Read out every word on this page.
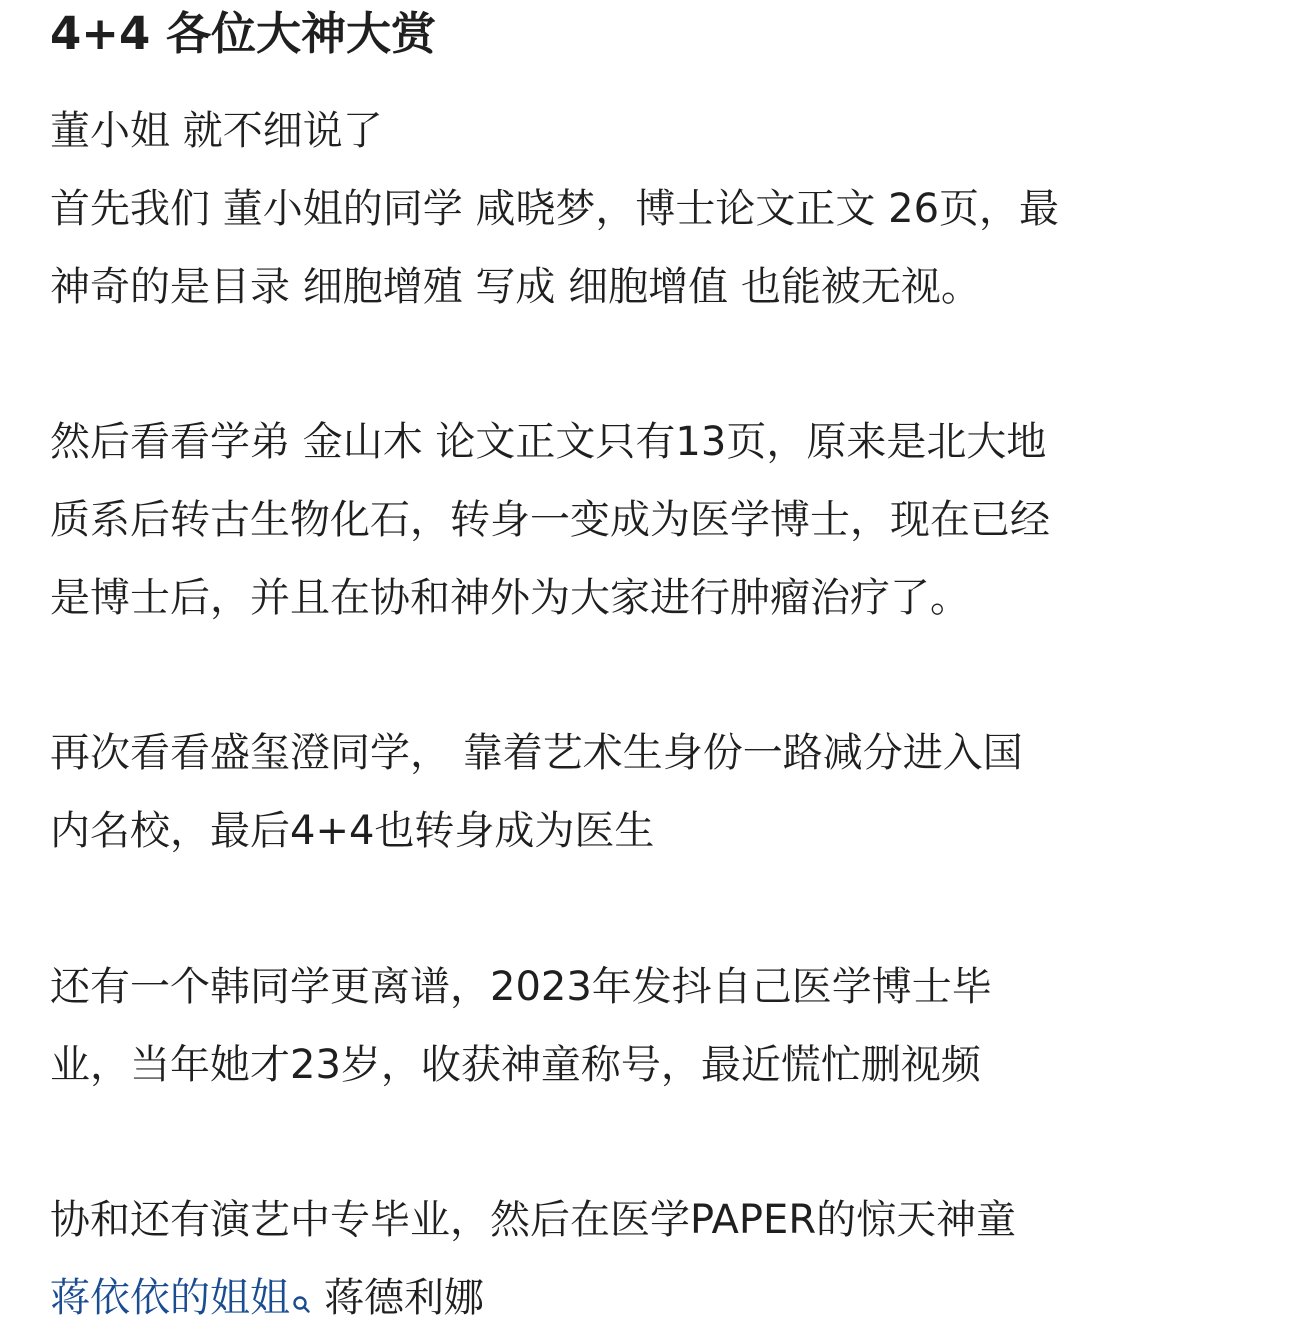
4+4 各位大神大赏

董小姐 就不细说了
首先我们 董小姐的同学 咸晓梦，博士论文正文 26页，最
神奇的是目录 细胞增殖 写成 细胞增值 也能被无视。

然后看看学弟 金山木 论文正文只有13页，原来是北大地
质系后转古生物化石，转身一变成为医学博士，现在已经
是博士后，并且在协和神外为大家进行肿瘤治疗了。

再次看看盛玺澄同学， 靠着艺术生身份一路减分进入国
内名校，最后4+4也转身成为医生

还有一个韩同学更离谱，2023年发抖自己医学博士毕
业，当年她才23岁，收获神童称号，最近慌忙删视频

协和还有演艺中专毕业，然后在医学PAPER的惊天神童
蒋依依的姐姐 蒋德利娜
